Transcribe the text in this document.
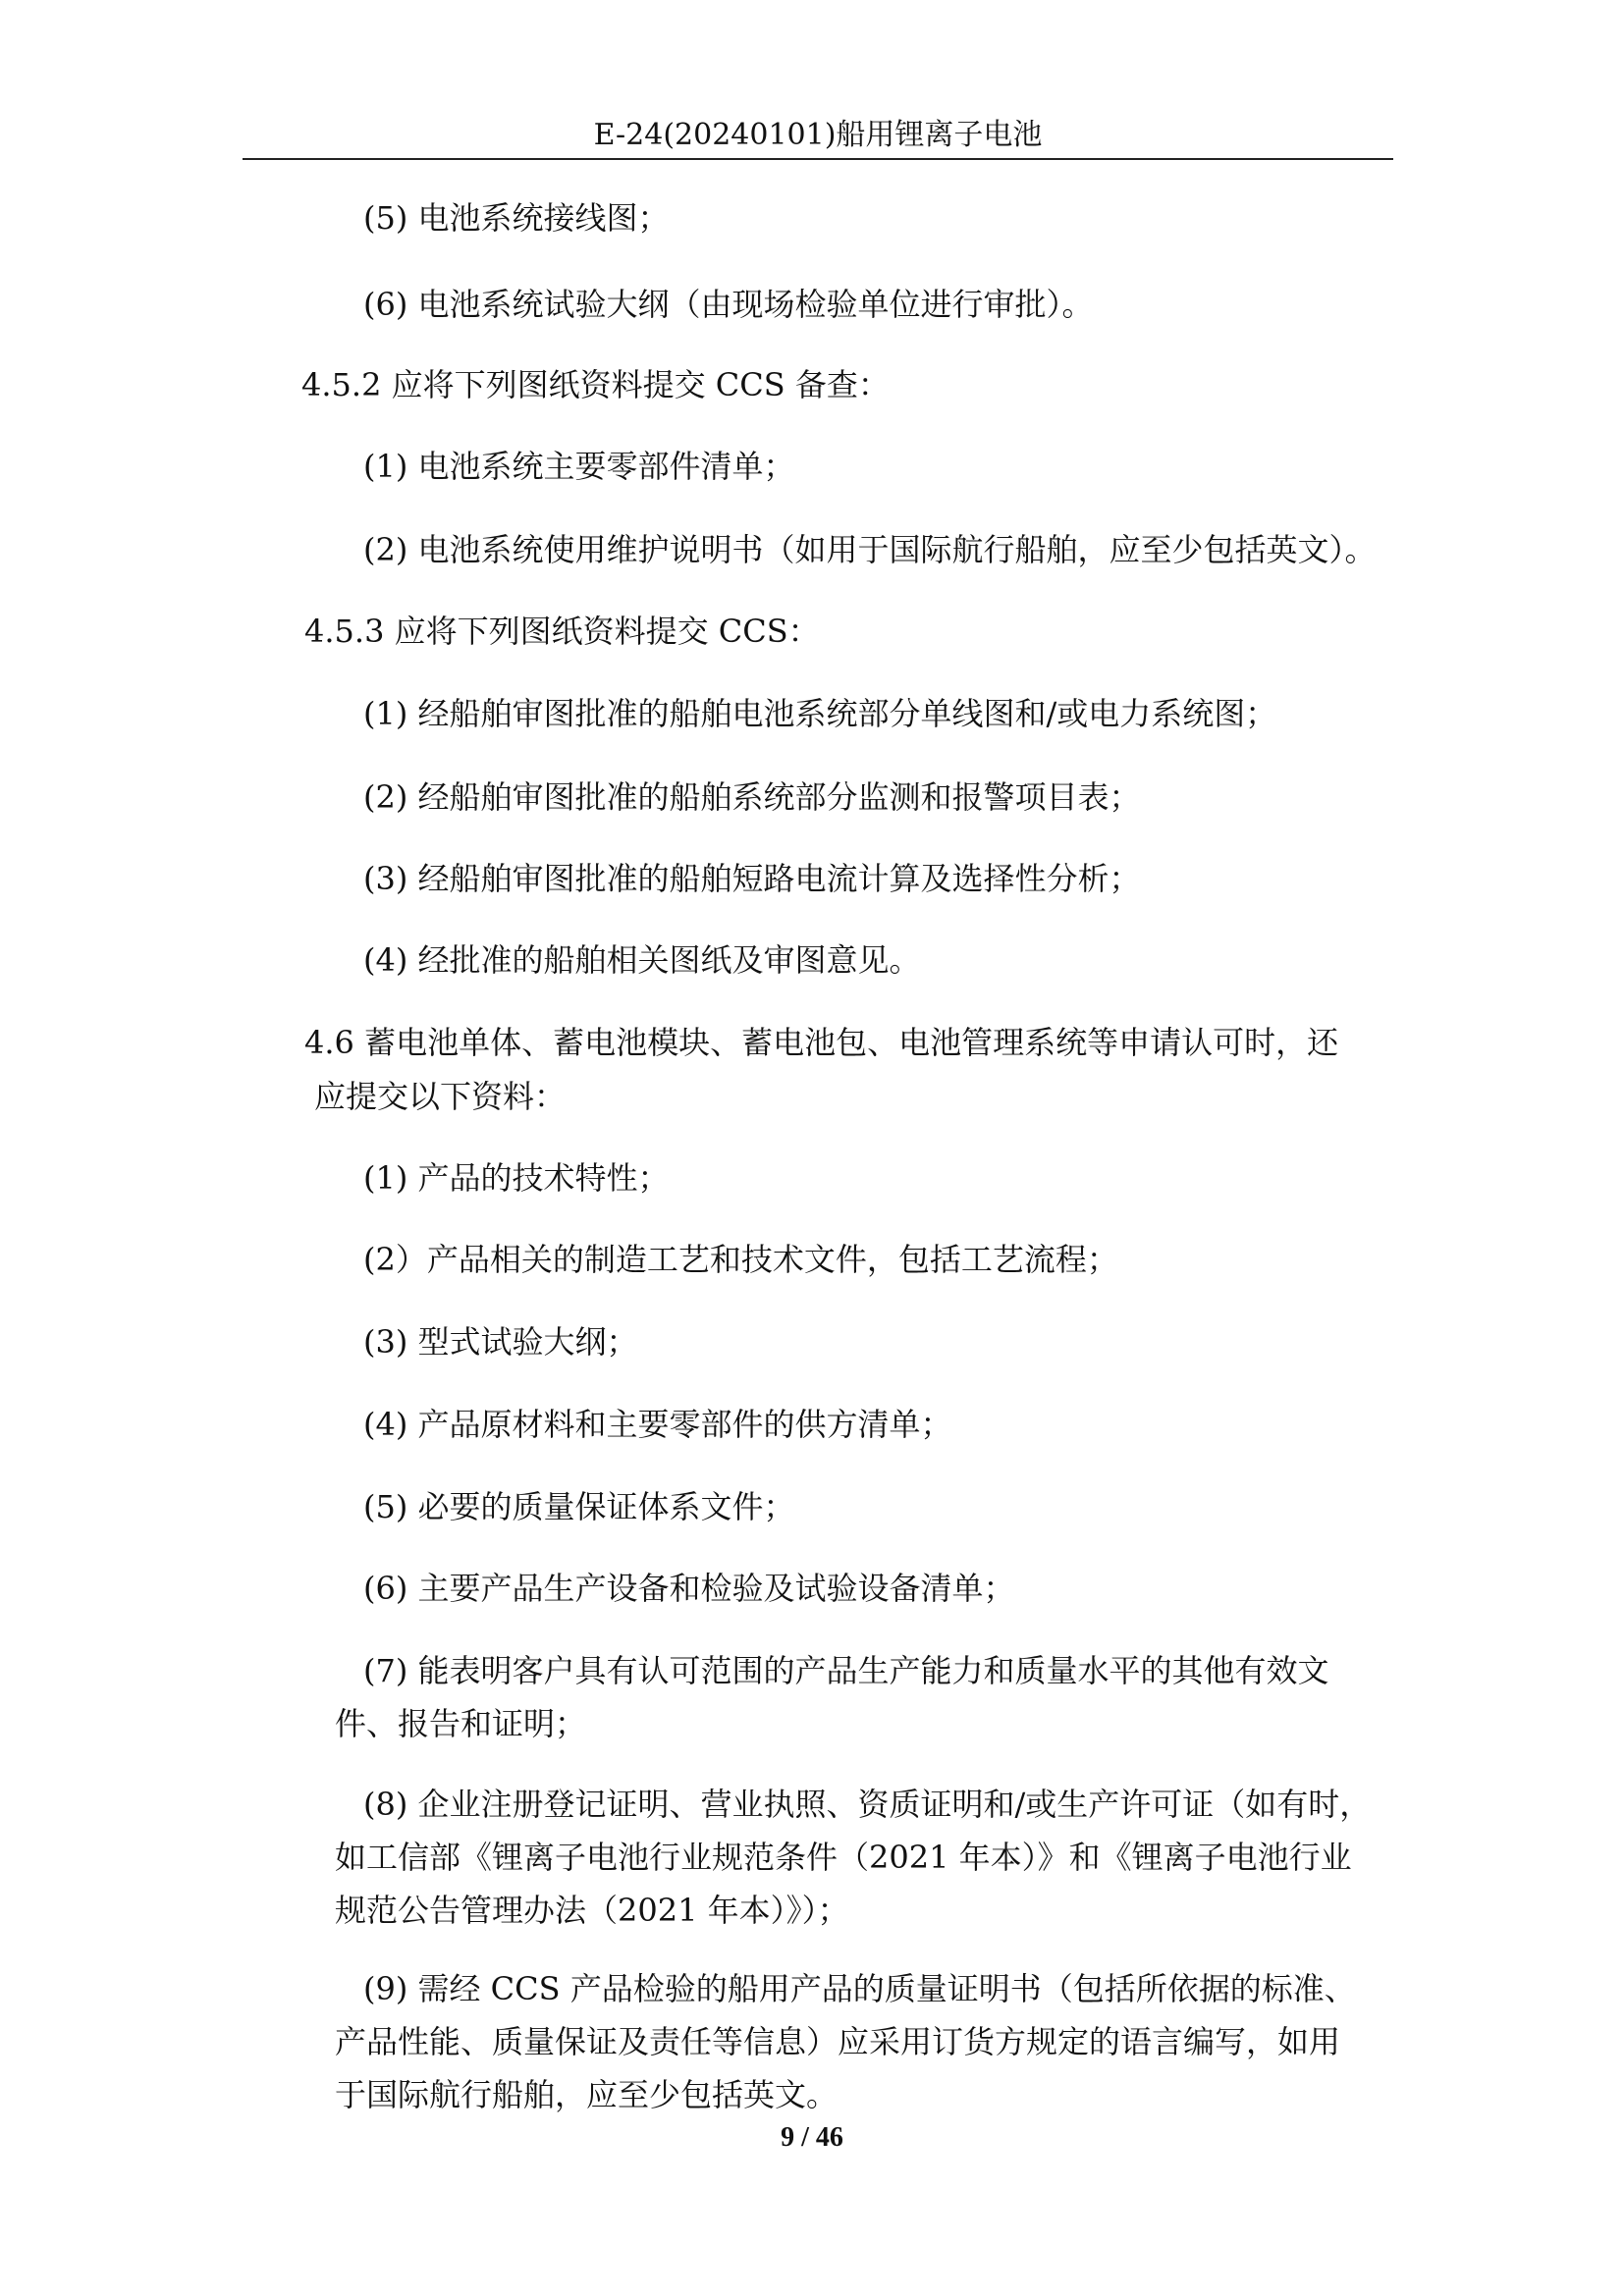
E-24(20240101)船用锂离子电池
(5) 电池系统接线图；
(6) 电池系统试验大纲（由现场检验单位进行审批）。
4.5.2 应将下列图纸资料提交 CCS 备查：
(1) 电池系统主要零部件清单；
(2) 电池系统使用维护说明书（如用于国际航行船舶，应至少包括英文）。
4.5.3 应将下列图纸资料提交 CCS：
(1) 经船舶审图批准的船舶电池系统部分单线图和/或电力系统图；
(2) 经船舶审图批准的船舶系统部分监测和报警项目表；
(3) 经船舶审图批准的船舶短路电流计算及选择性分析；
(4) 经批准的船舶相关图纸及审图意见。
4.6 蓄电池单体、蓄电池模块、蓄电池包、电池管理系统等申请认可时，还
应提交以下资料：
(1) 产品的技术特性；
(2）产品相关的制造工艺和技术文件，包括工艺流程；
(3) 型式试验大纲；
(4) 产品原材料和主要零部件的供方清单；
(5) 必要的质量保证体系文件；
(6) 主要产品生产设备和检验及试验设备清单；
(7) 能表明客户具有认可范围的产品生产能力和质量水平的其他有效文
件、报告和证明；
(8) 企业注册登记证明、营业执照、资质证明和/或生产许可证（如有时，
如工信部《锂离子电池行业规范条件（2021 年本）》和《锂离子电池行业
规范公告管理办法（2021 年本）》）；
(9) 需经 CCS 产品检验的船用产品的质量证明书（包括所依据的标准、
产品性能、质量保证及责任等信息）应采用订货方规定的语言编写，如用
于国际航行船舶，应至少包括英文。
9 / 46
